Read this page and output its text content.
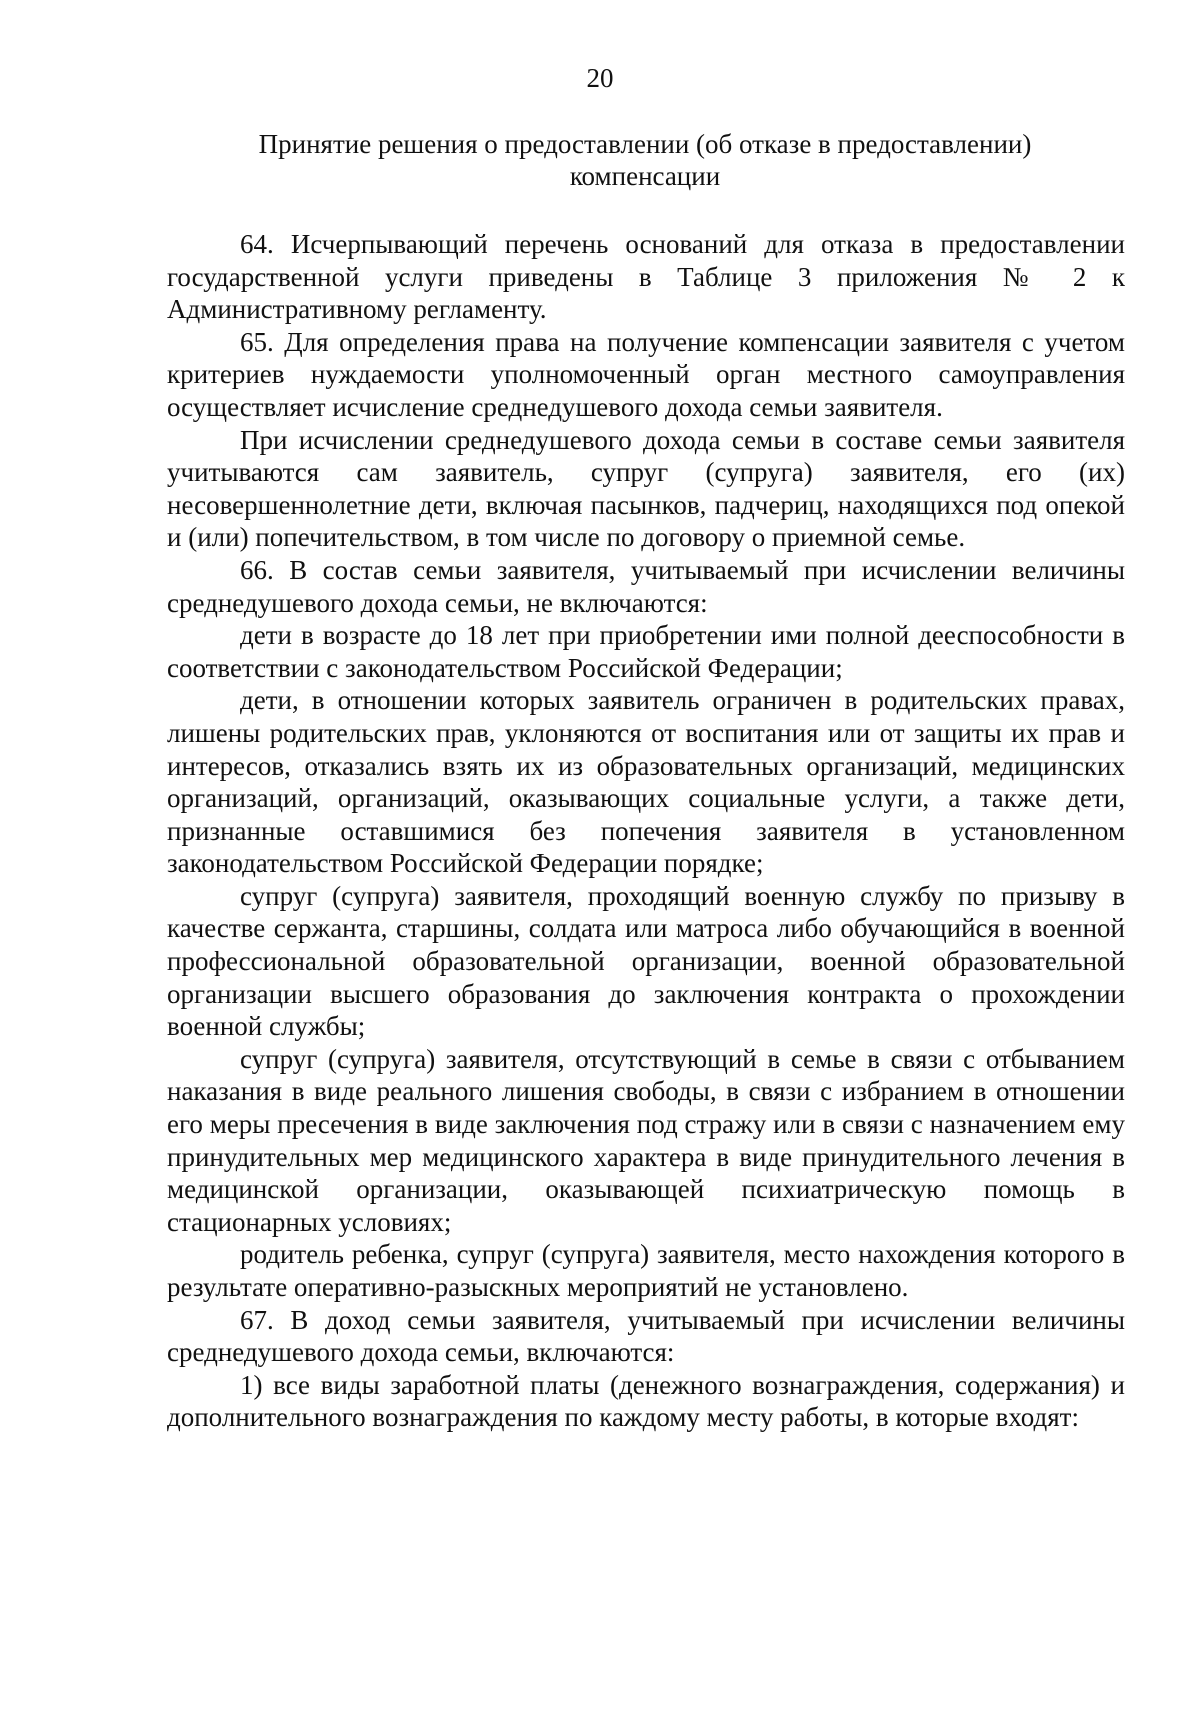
20
Принятие решения о предоставлении (об отказе в предоставлении)
компенсации

64. Исчерпывающий перечень оснований для отказа в предоставлении государственной услуги приведены в Таблице 3 приложения № 2 к Административному регламенту.

65. Для определения права на получение компенсации заявителя с учетом критериев нуждаемости уполномоченный орган местного самоуправления осуществляет исчисление среднедушевого дохода семьи заявителя.

При исчислении среднедушевого дохода семьи в составе семьи заявителя учитываются сам заявитель, супруг (супруга) заявителя, его (их) несовершеннолетние дети, включая пасынков, падчериц, находящихся под опекой и (или) попечительством, в том числе по договору о приемной семье.

66. В состав семьи заявителя, учитываемый при исчислении величины среднедушевого дохода семьи, не включаются:

дети в возрасте до 18 лет при приобретении ими полной дееспособности в соответствии с законодательством Российской Федерации;

дети, в отношении которых заявитель ограничен в родительских правах, лишены родительских прав, уклоняются от воспитания или от защиты их прав и интересов, отказались взять их из образовательных организаций, медицинских организаций, организаций, оказывающих социальные услуги, а также дети, признанные оставшимися без попечения заявителя в установленном законодательством Российской Федерации порядке;

супруг (супруга) заявителя, проходящий военную службу по призыву в качестве сержанта, старшины, солдата или матроса либо обучающийся в военной профессиональной образовательной организации, военной образовательной организации высшего образования до заключения контракта о прохождении военной службы;

супруг (супруга) заявителя, отсутствующий в семье в связи с отбыванием наказания в виде реального лишения свободы, в связи с избранием в отношении его меры пресечения в виде заключения под стражу или в связи с назначением ему принудительных мер медицинского характера в виде принудительного лечения в медицинской организации, оказывающей психиатрическую помощь в стационарных условиях;

родитель ребенка, супруг (супруга) заявителя, место нахождения которого в результате оперативно-разыскных мероприятий не установлено.

67. В доход семьи заявителя, учитываемый при исчислении величины среднедушевого дохода семьи, включаются:

1) все виды заработной платы (денежного вознаграждения, содержания) и дополнительного вознаграждения по каждому месту работы, в которые входят:
